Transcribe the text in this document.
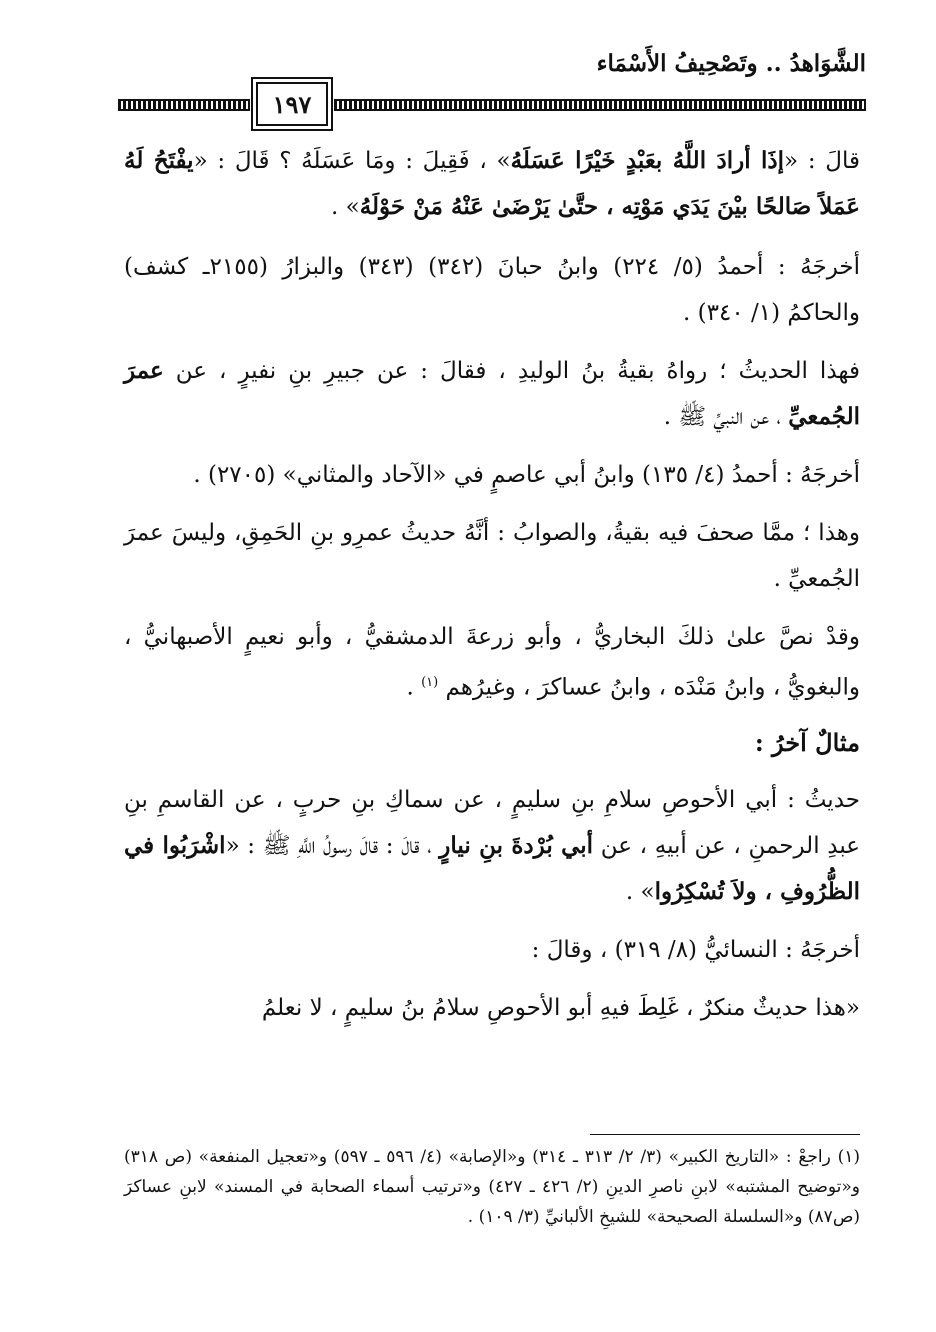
الشَّوَاهدُ .. وتَصْحِيفُ الأَسْمَاء
١٩٧

قالَ : «إذَا أرادَ اللَّهُ بعَبْدٍ خَيْرًا عَسَلَهُ» ، فَقِيلَ : ومَا عَسَلَهُ ؟ قَالَ : «يفْتَحُ لَهُ عَمَلاً صَالحًا بيْنَ يَدَي مَوْتِه ، حتَّىٰ يَرْضَىٰ عَنْهُ مَنْ حَوْلَهُ» .

أخرجَهُ : أحمدُ (٥/ ٢٢٤) وابنُ حبانَ (٣٤٢) (٣٤٣) والبزارُ (٢١٥٥ـ كشف) والحاكمُ (١/ ٣٤٠) .

فهذا الحديثُ ؛ رواهُ بقيةُ بنُ الوليدِ ، فقالَ : عن جبيرِ بنِ نفيرٍ ، عن عمرَ الجُمعيِّ ، عن النبيِّ ﷺ .

أخرجَهُ : أحمدُ (٤/ ١٣٥) وابنُ أبي عاصمٍ في «الآحاد والمثاني» (٢٧٠٥) .

وهذا ؛ ممَّا صحفَ فيه بقيةُ، والصوابُ : أنَّهُ حديثُ عمرِو بنِ الحَمِقِ، وليسَ عمرَ الجُمعيِّ .

وقدْ نصَّ علىٰ ذلكَ البخاريُّ ، وأبو زرعةَ الدمشقيُّ ، وأبو نعيمٍ الأصبهانيُّ ، والبغويُّ ، وابنُ مَنْدَه ، وابنُ عساكرَ ، وغيرُهم $^{(١)}$ .

مثالٌ آخرُ :

حديثُ : أبي الأحوصِ سلامِ بنِ سليمٍ ، عن سماكِ بنِ حربٍ ، عن القاسمِ بنِ عبدِ الرحمنِ ، عن أبيهِ ، عن أبي بُرْدةَ بنِ نيارٍ ، قالَ : قالَ رسولُ اللَّهِ ﷺ : «اشْرَبُوا في الظُّرُوفِ ، ولاَ تُسْكِرُوا» .

أخرجَهُ : النسائيُّ (٨/ ٣١٩) ، وقالَ :

«هذا حديثٌ منكرٌ ، غَلِطَ فيهِ أبو الأحوصِ سلامُ بنُ سليمٍ ، لا نعلمُ

(١) راجعْ : «التاريخ الكبير» (٣/ ٢/ ٣١٣ ـ ٣١٤) و«الإصابة» (٤/ ٥٩٦ ـ ٥٩٧) و«تعجيل المنفعة» (ص ٣١٨) و«توضيح المشتبه» لابنِ ناصرِ الدينِ (٢/ ٤٢٦ ـ ٤٢٧) و«ترتيب أسماء الصحابة في المسند» لابنِ عساكرَ (ص٨٧) و«السلسلة الصحيحة» للشيخِ الألبانيِّ (٣/ ١٠٩) .
